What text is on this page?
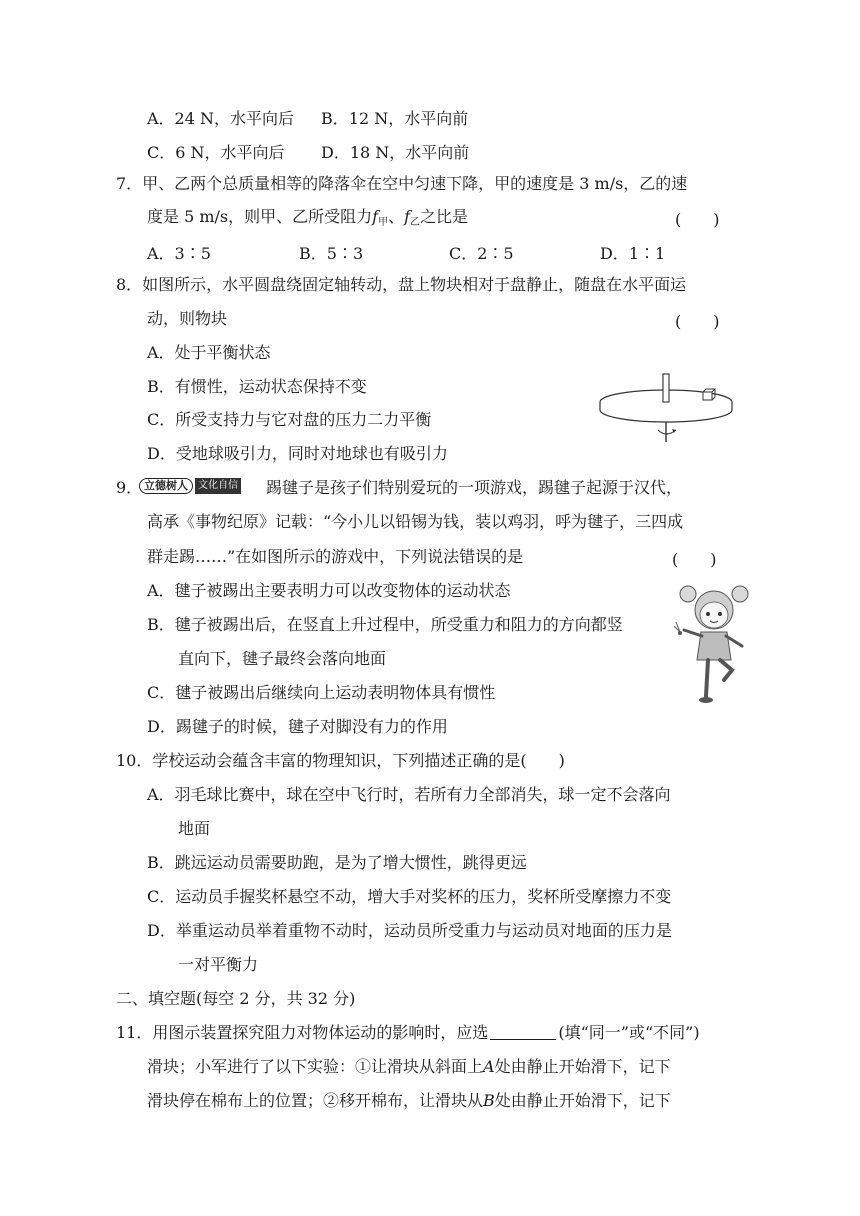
A．24 N，水平向后 B．12 N，水平向前
C．6 N，水平向后 D．18 N，水平向前
7．甲、乙两个总质量相等的降落伞在空中匀速下降，甲的速度是 3 m/s，乙的速
度是 5 m/s，则甲、乙所受阻力$f_甲$、$f_乙$之比是	(　　)
A．3∶5	B．5∶3	C．2∶5	D．1∶1
8．如图所示，水平圆盘绕固定轴转动，盘上物块相对于盘静止，随盘在水平面运
动，则物块	(　　)
A．处于平衡状态
B．有惯性，运动状态保持不变
C．所受支持力与它对盘的压力二力平衡
D．受地球吸引力，同时对地球也有吸引力
9． 立德树人	文化自信 踢毽子是孩子们特别爱玩的一项游戏，踢毽子起源于汉代，
高承《事物纪原》记载：“今小儿以铅锡为钱，装以鸡羽，呼为毽子，三四成
群走踢……”在如图所示的游戏中，下列说法错误的是	(　　)
A．毽子被踢出主要表明力可以改变物体的运动状态
B．毽子被踢出后，在竖直上升过程中，所受重力和阻力的方向都竖
直向下，毽子最终会落向地面
C．毽子被踢出后继续向上运动表明物体具有惯性
D．踢毽子的时候，毽子对脚没有力的作用
10．学校运动会蕴含丰富的物理知识，下列描述正确的是(　　)
A．羽毛球比赛中，球在空中飞行时，若所有力全部消失，球一定不会落向
地面
B．跳远运动员需要助跑，是为了增大惯性，跳得更远
C．运动员手握奖杯悬空不动，增大手对奖杯的压力，奖杯所受摩擦力不变
D．举重运动员举着重物不动时，运动员所受重力与运动员对地面的压力是
一对平衡力
二、填空题(每空 2 分，共 32 分)
11．用图示装置探究阻力对物体运动的影响时，应选	(填“同一”或“不同”)
滑块；小军进行了以下实验：①让滑块从斜面上A处由静止开始滑下，记下
滑块停在棉布上的位置；②移开棉布，让滑块从B处由静止开始滑下，记下
